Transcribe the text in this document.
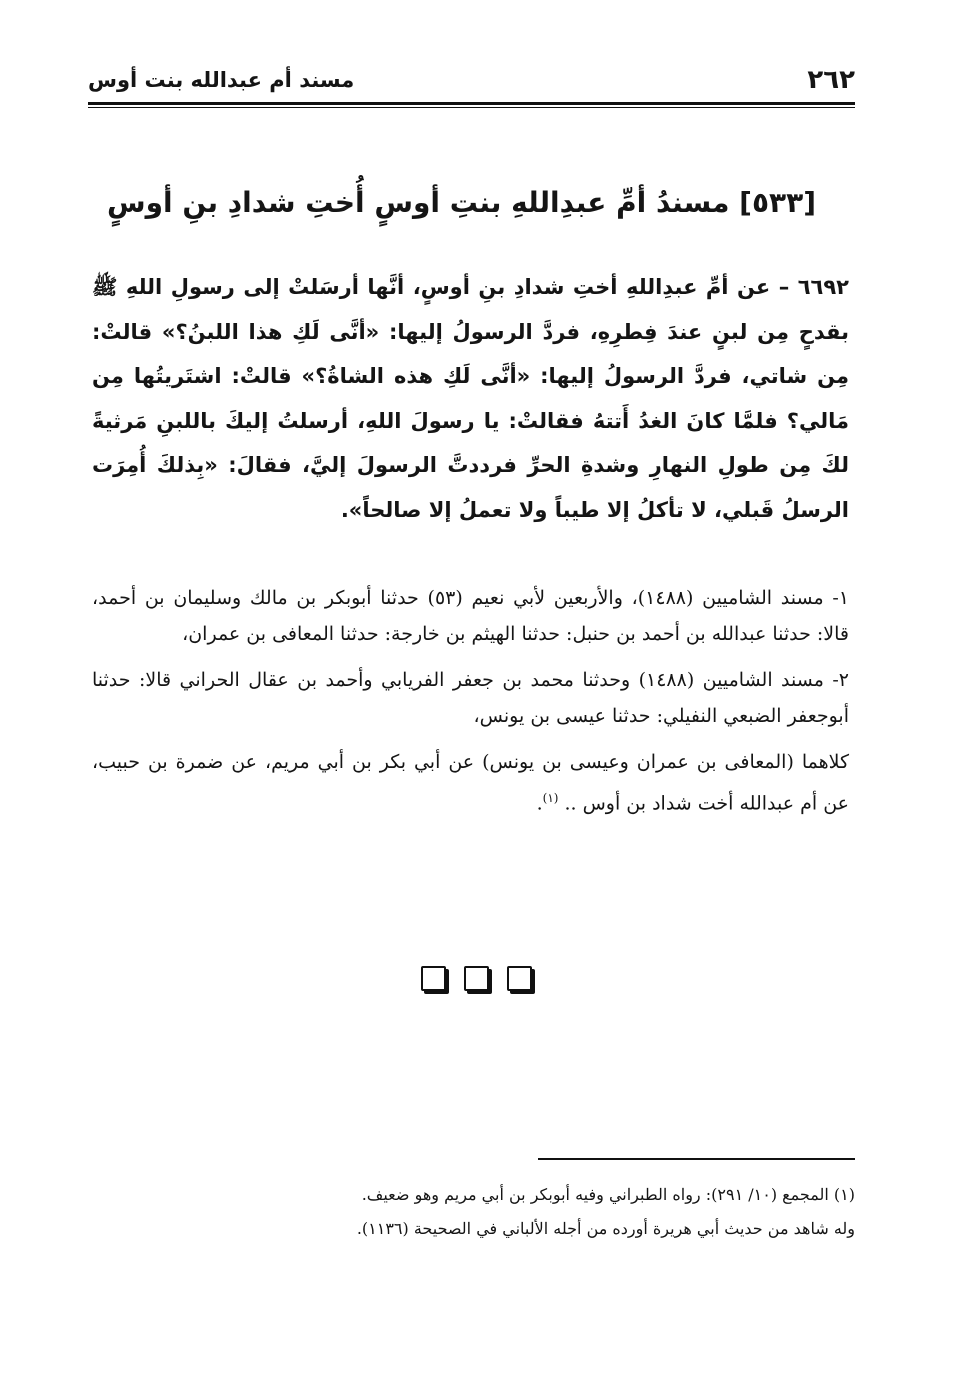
٢٦٢
مسند أم عبدالله بنت أوس
[٥٣٣] مسندُ أمِّ عبدِاللهِ بنتِ أوسٍ أُختِ شدادِ بنِ أوسٍ

٦٦٩٢ – عن أمِّ عبدِاللهِ أختِ شدادِ بنِ أوسٍ، أنَّها أرسَلتْ إلى رسولِ اللهِ ﷺ بقدحٍ مِن لبنٍ عندَ فِطرِهِ، فردَّ الرسولُ إليها: «أنَّى لَكِ هذا اللبنُ؟» قالتْ: مِن شاتي، فردَّ الرسولُ إليها: «أنَّى لَكِ هذه الشاةُ؟» قالتْ: اشتَريتُها مِن مَالي؟ فلمَّا كانَ الغدُ أَتتهُ فقالتْ: يا رسولَ اللهِ، أرسلتُ إليكَ باللبنِ مَرثيةً لكَ مِن طولِ النهارِ وشدةِ الحرِّ فرددتَّ الرسولَ إليَّ، فقالَ: «بِذلكَ أُمِرَت الرسلُ قَبلي، لا تأكلُ إلا طيباً ولا تعملُ إلا صالحاً».

١- مسند الشاميين (١٤٨٨)، والأربعين لأبي نعيم (٥٣) حدثنا أبوبكر بن مالك وسليمان بن أحمد، قالا: حدثنا عبدالله بن أحمد بن حنبل: حدثنا الهيثم بن خارجة: حدثنا المعافى بن عمران،

٢- مسند الشاميين (١٤٨٨) وحدثنا محمد بن جعفر الفريابي وأحمد بن عقال الحراني قالا: حدثنا أبوجعفر الضبعي النفيلي: حدثنا عيسى بن يونس،

كلاهما (المعافى بن عمران وعيسى بن يونس) عن أبي بكر بن أبي مريم، عن ضمرة بن حبيب، عن أم عبدالله أخت شداد بن أوس .. $^{(١)}$.

(١) المجمع (١٠/ ٢٩١): رواه الطبراني وفيه أبوبكر بن أبي مريم وهو ضعيف.
وله شاهد من حديث أبي هريرة أورده من أجله الألباني في الصحيحة (١١٣٦).
